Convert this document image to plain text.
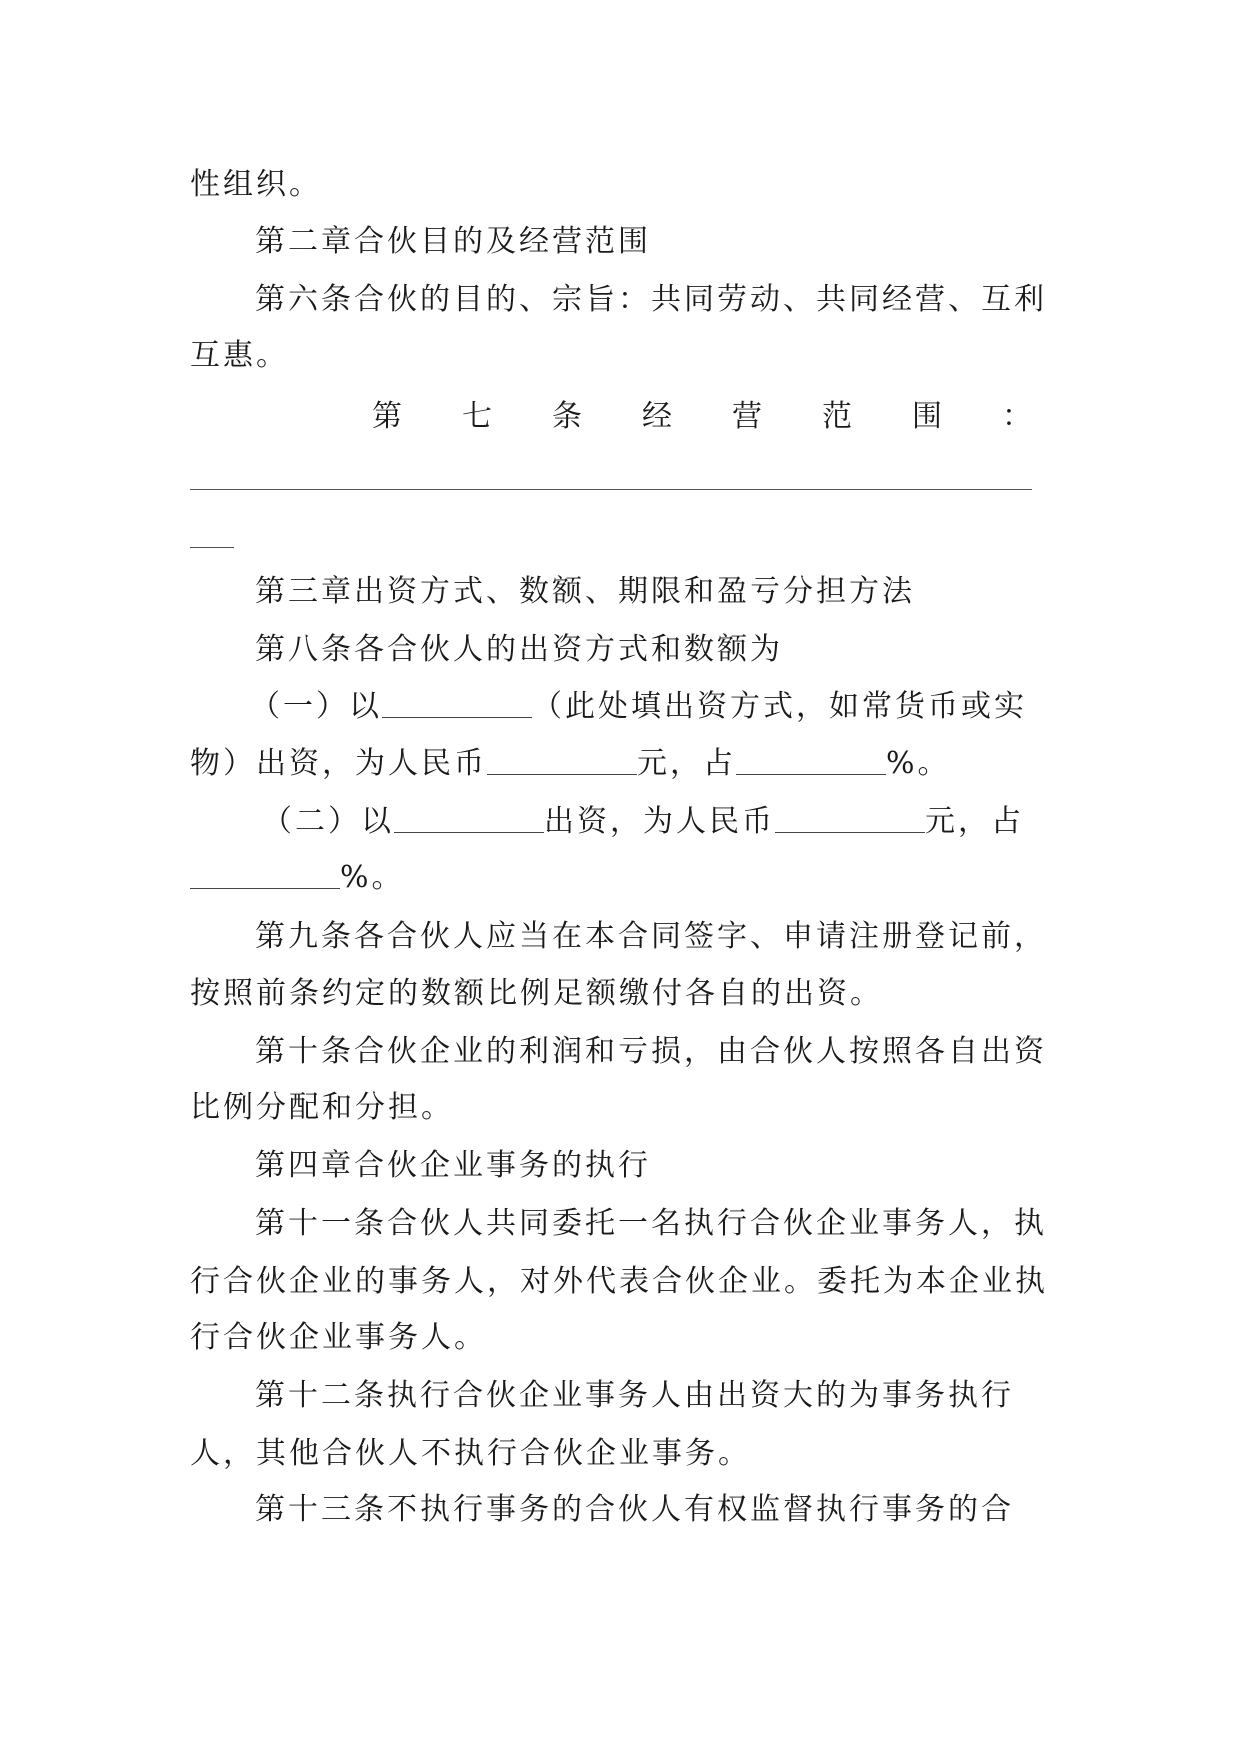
性组织。
第二章合伙目的及经营范围
第六条合伙的目的、宗旨：共同劳动、共同经营、互利
互惠。
第 七 条 经 营 范 围 ：
第三章出资方式、数额、期限和盈亏分担方法
第八条各合伙人的出资方式和数额为
（一）以	（此处填出资方式，如常货币或实
物）出资，为人民币	元，占	%。
（二）以	出资，为人民币	元，占
%。
第九条各合伙人应当在本合同签字、申请注册登记前，
按照前条约定的数额比例足额缴付各自的出资。
第十条合伙企业的利润和亏损，由合伙人按照各自出资
比例分配和分担。
第四章合伙企业事务的执行
第十一条合伙人共同委托一名执行合伙企业事务人，执
行合伙企业的事务人，对外代表合伙企业。委托为本企业执
行合伙企业事务人。
第十二条执行合伙企业事务人由出资大的为事务执行
人，其他合伙人不执行合伙企业事务。
第十三条不执行事务的合伙人有权监督执行事务的合
